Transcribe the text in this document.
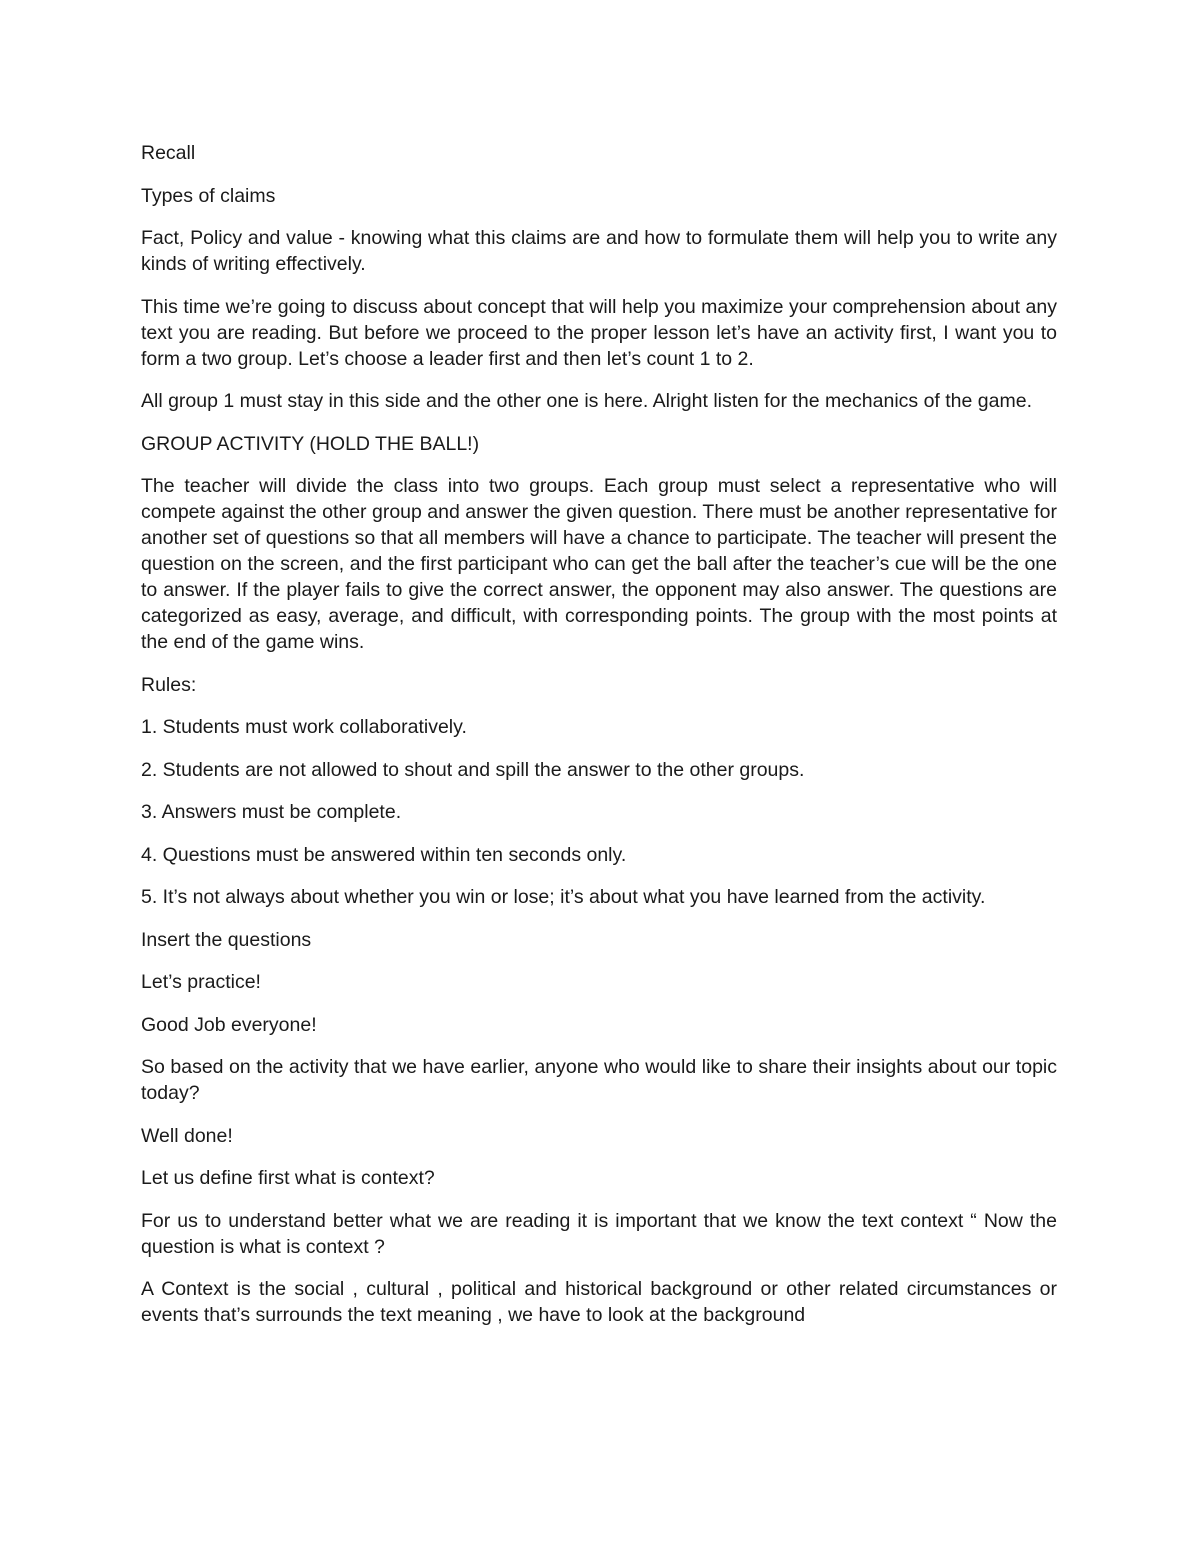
Recall

Types of claims

Fact, Policy and value - knowing what this claims are and how to formulate them will help you to write any kinds of writing effectively.

This time we’re going to discuss about concept that will help you maximize your comprehension about any text you are reading. But before we proceed to the proper lesson let’s have an activity first, I want you to form a two group. Let’s choose a leader first and then let’s count 1 to 2.

All group 1 must stay in this side and the other one is here. Alright listen for the mechanics of the game.

GROUP ACTIVITY (HOLD THE BALL!)

The teacher will divide the class into two groups. Each group must select a representative who will compete against the other group and answer the given question. There must be another representative for another set of questions so that all members will have a chance to participate. The teacher will present the question on the screen, and the first participant who can get the ball after the teacher’s cue will be the one to answer. If the player fails to give the correct answer, the opponent may also answer. The questions are categorized as easy, average, and difficult, with corresponding points. The group with the most points at the end of the game wins.

Rules:

1. Students must work collaboratively.

2. Students are not allowed to shout and spill the answer to the other groups.

3. Answers must be complete.

4. Questions must be answered within ten seconds only.

5. It’s not always about whether you win or lose; it’s about what you have learned from the activity.

Insert the questions

Let’s practice!

Good Job everyone!

So based on the activity that we have earlier, anyone who would like to share their insights about our topic today?

Well done!

Let us define first what is context?

For us to understand better what we are reading it is important that we know the text context “ Now the question is what is context ?

A Context is the social , cultural , political and historical background or other related circumstances or events that’s surrounds the text meaning , we have to look at the background
